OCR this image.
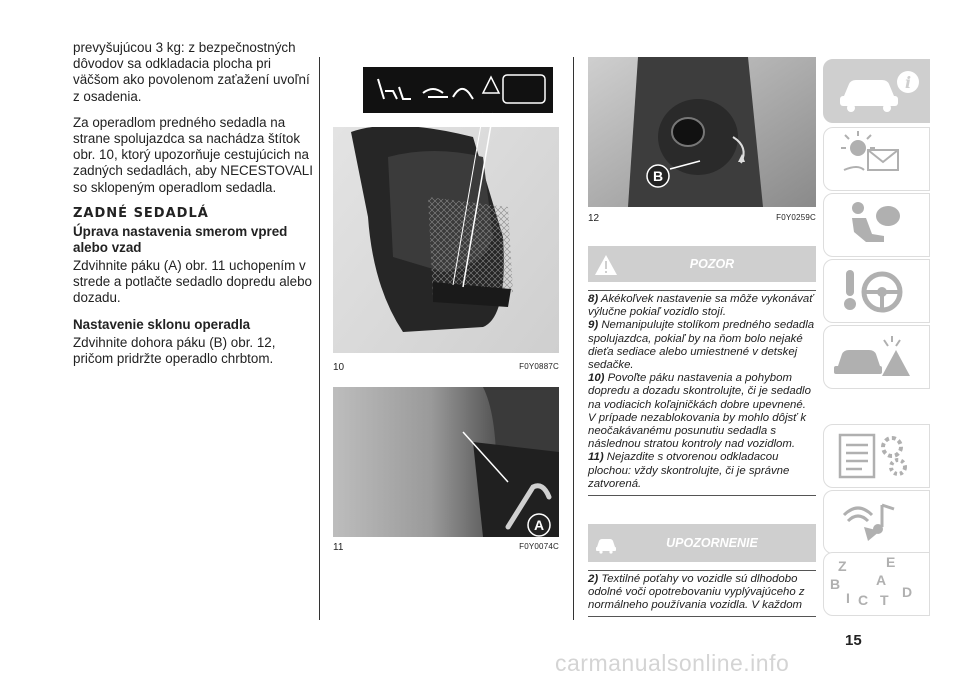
prevyšujúcou 3 kg: z bezpečnostných dôvodov sa odkladacia plocha pri väčšom ako povolenom zaťažení uvoľní z osadenia.

Za operadlom predného sedadla na strane spolujazdca sa nachádza štítok obr. 10, ktorý upozorňuje cestujúcich na zadných sedadlách, aby NECESTOVALI so sklopeným operadlom sedadla.

ZADNÉ SEDADLÁ
Úprava nastavenia smerom vpred alebo vzad

Zdvihnite páku (A) obr. 11 uchopením v strede a potlačte sedadlo dopredu alebo dozadu.

Nastavenie sklonu operadla

Zdvihnite dohora páku (B) obr. 12, pričom pridržte operadlo chrbtom.

10	F0Y0887C
A
11	F0Y0074C
B
12	F0Y0259C
POZOR

8) Akékoľvek nastavenie sa môže vykonávať výlučne pokiaľ vozidlo stojí.

9) Nemanipulujte stolíkom predného sedadla spolujazdca, pokiaľ by na ňom bolo nejaké dieťa sediace alebo umiestnené v detskej sedačke.

10) Povoľte páku nastavenia a pohybom dopredu a dozadu skontrolujte, či je sedadlo na vodiacich koľajničkách dobre upevnené. V prípade nezablokovania by mohlo dôjsť k neočakávanému posunutiu sedadla s následnou stratou kontroly nad vozidlom.

11) Nejazdite s otvorenou odkladacou plochou: vždy skontrolujte, či je správne zatvorená.

UPOZORNENIE

2) Textilné poťahy vo vozidle sú dlhodobo odolné voči opotrebovaniu vyplývajúceho z normálneho používania vozidla. V každom

i
Z	E
B	A
D
I C T
15
carmanualsonline.info
